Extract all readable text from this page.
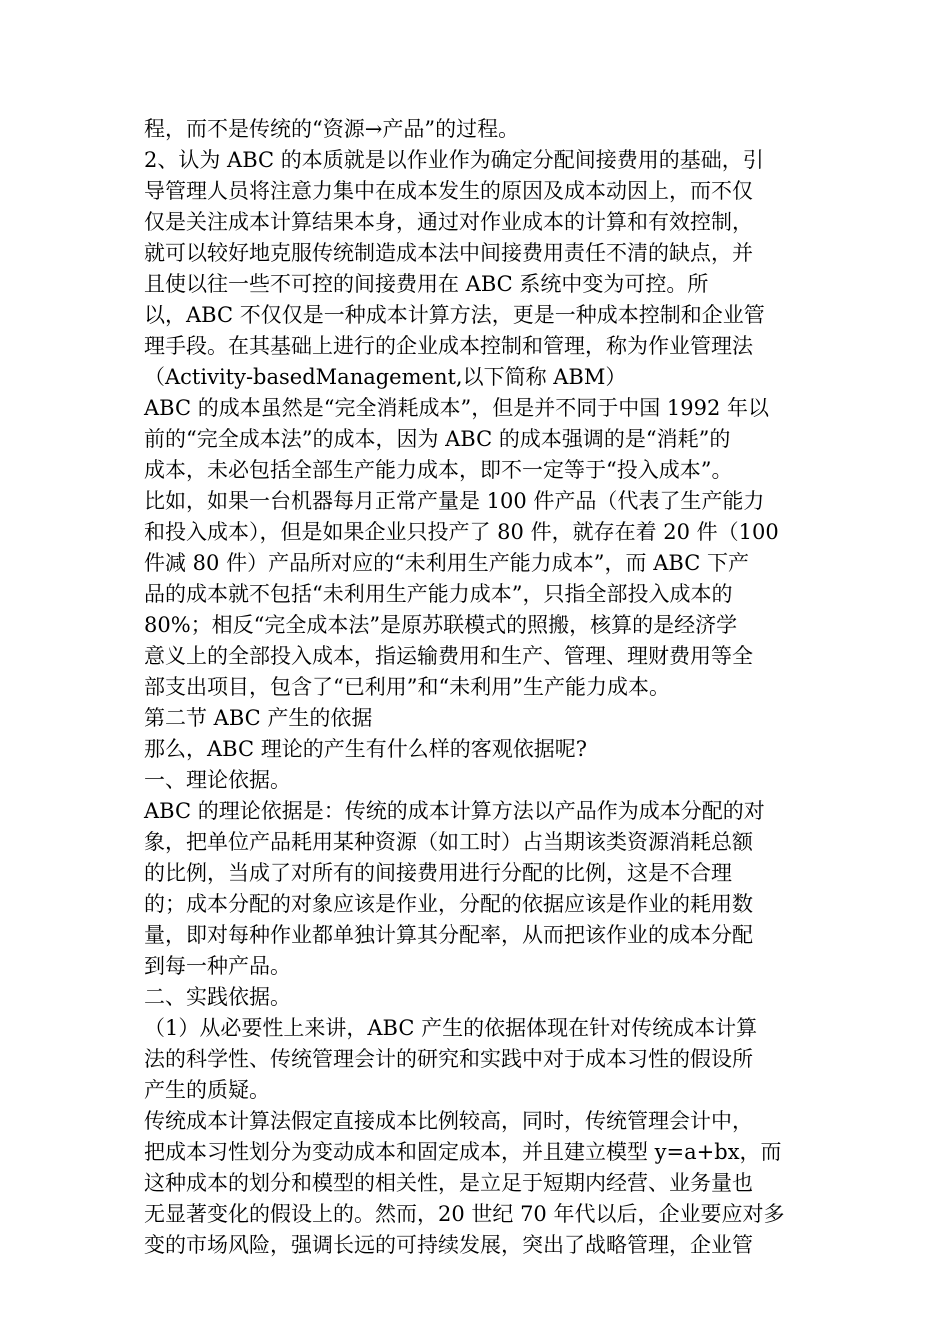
程，而不是传统的“资源→产品”的过程。
2、认为 ABC 的本质就是以作业作为确定分配间接费用的基础，引
导管理人员将注意力集中在成本发生的原因及成本动因上，而不仅
仅是关注成本计算结果本身，通过对作业成本的计算和有效控制，
就可以较好地克服传统制造成本法中间接费用责任不清的缺点，并
且使以往一些不可控的间接费用在 ABC 系统中变为可控。所
以，ABC 不仅仅是一种成本计算方法，更是一种成本控制和企业管
理手段。在其基础上进行的企业成本控制和管理，称为作业管理法
（Activity-basedManagement,以下简称 ABM）
ABC 的成本虽然是“完全消耗成本”，但是并不同于中国 1992 年以
前的“完全成本法”的成本，因为 ABC 的成本强调的是“消耗”的
成本，未必包括全部生产能力成本，即不一定等于“投入成本”。
比如，如果一台机器每月正常产量是 100 件产品（代表了生产能力
和投入成本），但是如果企业只投产了 80 件，就存在着 20 件（100
件减 80 件）产品所对应的“未利用生产能力成本”，而 ABC 下产
品的成本就不包括“未利用生产能力成本”，只指全部投入成本的
80%；相反“完全成本法”是原苏联模式的照搬，核算的是经济学
意义上的全部投入成本，指运输费用和生产、管理、理财费用等全
部支出项目，包含了“已利用”和“未利用”生产能力成本。
第二节 ABC 产生的依据
那么，ABC 理论的产生有什么样的客观依据呢?
一、理论依据。
ABC 的理论依据是：传统的成本计算方法以产品作为成本分配的对
象，把单位产品耗用某种资源（如工时）占当期该类资源消耗总额
的比例，当成了对所有的间接费用进行分配的比例，这是不合理
的；成本分配的对象应该是作业，分配的依据应该是作业的耗用数
量，即对每种作业都单独计算其分配率，从而把该作业的成本分配
到每一种产品。
二、实践依据。
（1）从必要性上来讲，ABC 产生的依据体现在针对传统成本计算
法的科学性、传统管理会计的研究和实践中对于成本习性的假设所
产生的质疑。
传统成本计算法假定直接成本比例较高，同时，传统管理会计中，
把成本习性划分为变动成本和固定成本，并且建立模型 y=a+bx，而
这种成本的划分和模型的相关性，是立足于短期内经营、业务量也
无显著变化的假设上的。然而，20 世纪 70 年代以后，企业要应对多
变的市场风险，强调长远的可持续发展，突出了战略管理，企业管
